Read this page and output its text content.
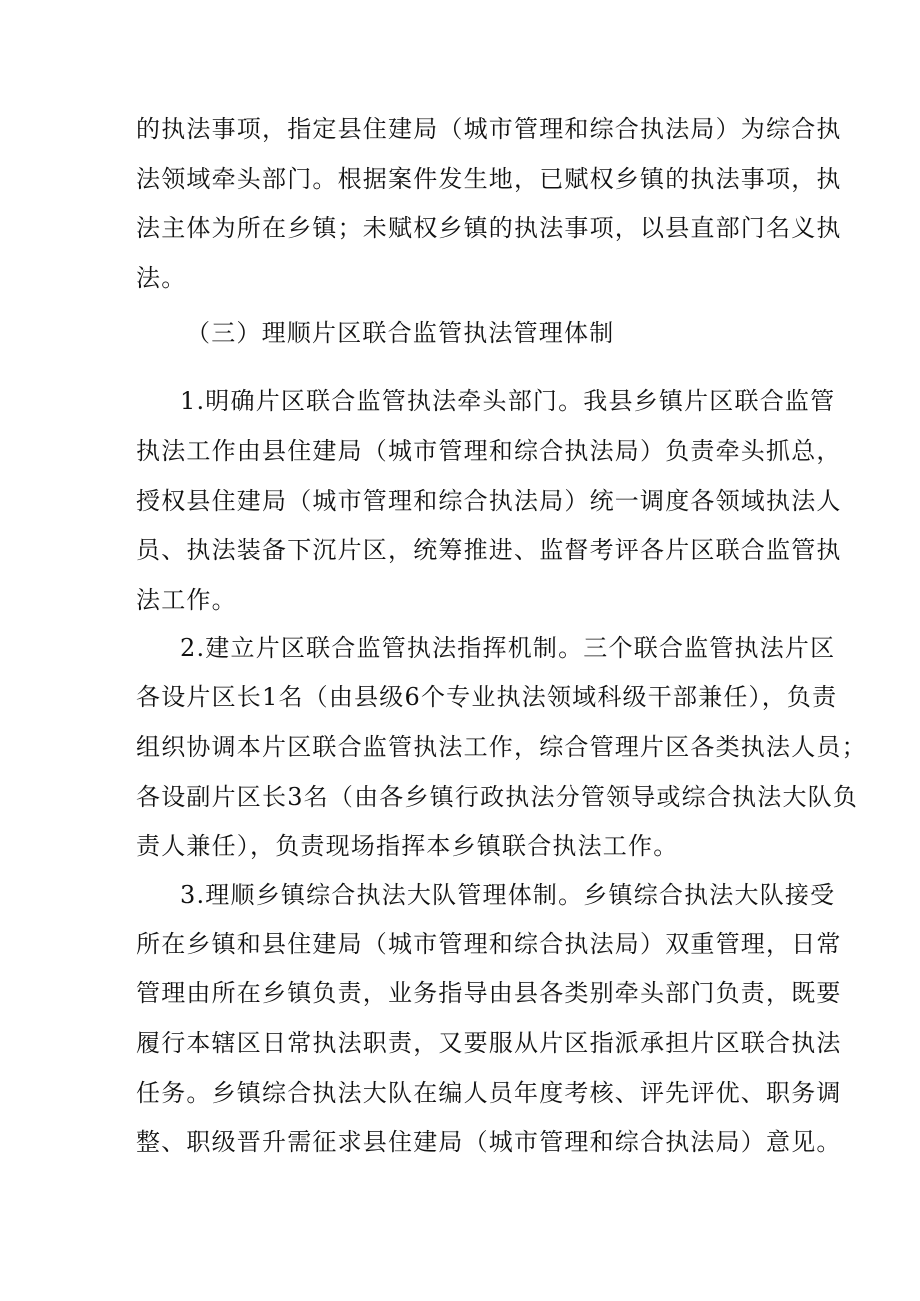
的执法事项，指定县住建局（城市管理和综合执法局）为综合执
法领域牵头部门。根据案件发生地，已赋权乡镇的执法事项，执
法主体为所在乡镇；未赋权乡镇的执法事项，以县直部门名义执
法。
（三）理顺片区联合监管执法管理体制
1.明确片区联合监管执法牵头部门。我县乡镇片区联合监管
执法工作由县住建局（城市管理和综合执法局）负责牵头抓总，
授权县住建局（城市管理和综合执法局）统一调度各领域执法人
员、执法装备下沉片区，统筹推进、监督考评各片区联合监管执
法工作。
2.建立片区联合监管执法指挥机制。三个联合监管执法片区
各设片区长1名（由县级6个专业执法领域科级干部兼任），负责
组织协调本片区联合监管执法工作，综合管理片区各类执法人员；
各设副片区长3名（由各乡镇行政执法分管领导或综合执法大队负
责人兼任），负责现场指挥本乡镇联合执法工作。
3.理顺乡镇综合执法大队管理体制。乡镇综合执法大队接受
所在乡镇和县住建局（城市管理和综合执法局）双重管理，日常
管理由所在乡镇负责，业务指导由县各类别牵头部门负责，既要
履行本辖区日常执法职责，又要服从片区指派承担片区联合执法
任务。乡镇综合执法大队在编人员年度考核、评先评优、职务调
整、职级晋升需征求县住建局（城市管理和综合执法局）意见。
